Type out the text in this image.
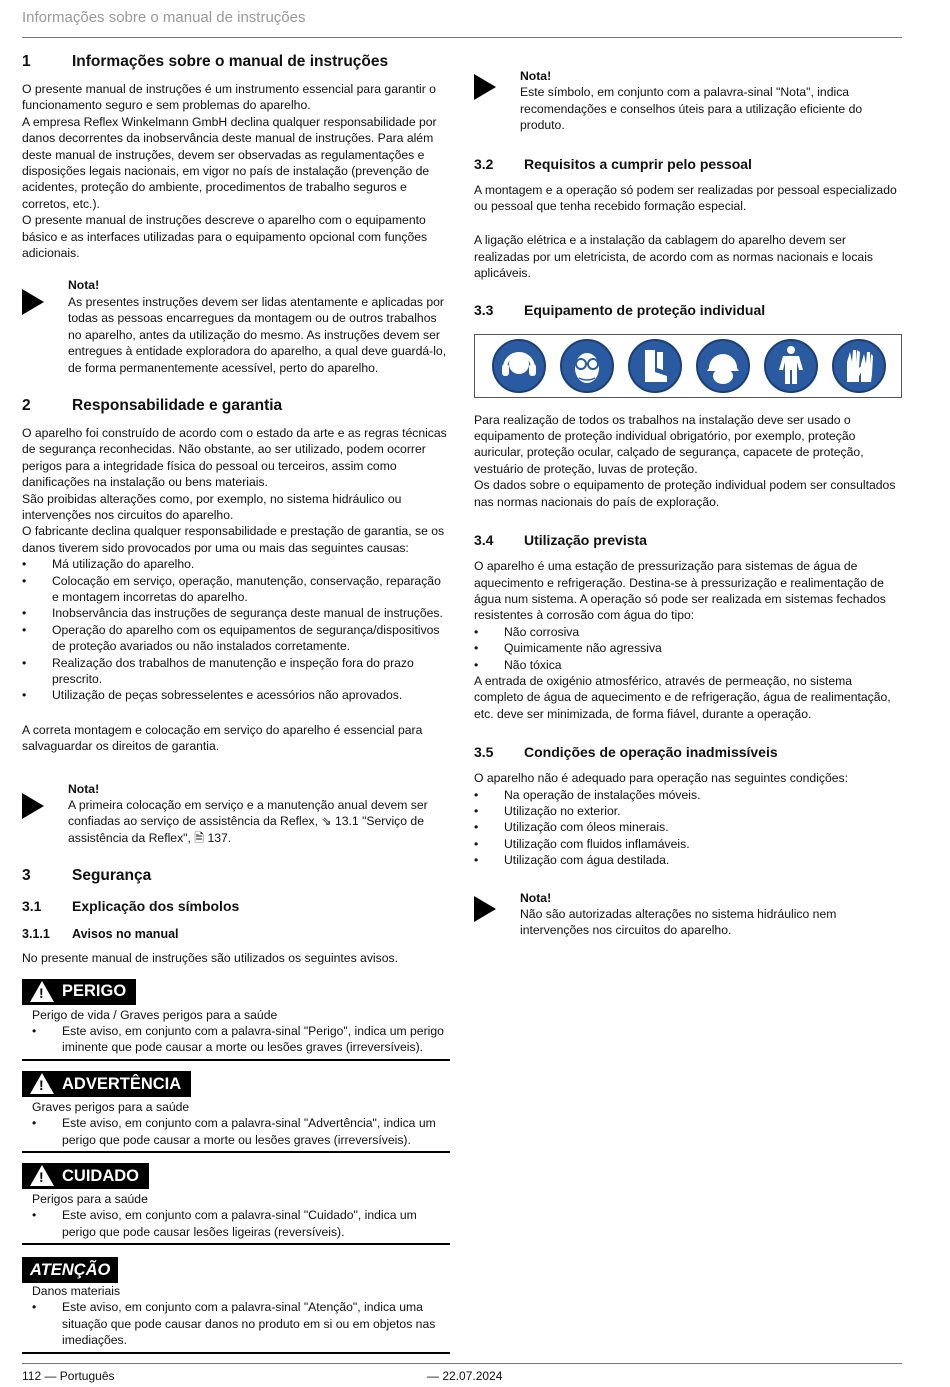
Informações sobre o manual de instruções
1	Informações sobre o manual de instruções

O presente manual de instruções é um instrumento essencial para garantir o funcionamento seguro e sem problemas do aparelho.

A empresa Reflex Winkelmann GmbH declina qualquer responsabilidade por danos decorrentes da inobservância deste manual de instruções. Para além deste manual de instruções, devem ser observadas as regulamentações e disposições legais nacionais, em vigor no país de instalação (prevenção de acidentes, proteção do ambiente, procedimentos de trabalho seguros e corretos, etc.).

O presente manual de instruções descreve o aparelho com o equipamento básico e as interfaces utilizadas para o equipamento opcional com funções adicionais.

Nota!
As presentes instruções devem ser lidas atentamente e aplicadas por todas as pessoas encarregues da montagem ou de outros trabalhos no aparelho, antes da utilização do mesmo. As instruções devem ser entregues à entidade exploradora do aparelho, a qual deve guardá-lo, de forma permanentemente acessível, perto do aparelho.
2	Responsabilidade e garantia

O aparelho foi construído de acordo com o estado da arte e as regras técnicas de segurança reconhecidas. Não obstante, ao ser utilizado, podem ocorrer perigos para a integridade física do pessoal ou terceiros, assim como danificações na instalação ou bens materiais.

São proibidas alterações como, por exemplo, no sistema hidráulico ou intervenções nos circuitos do aparelho.

O fabricante declina qualquer responsabilidade e prestação de garantia, se os danos tiverem sido provocados por uma ou mais das seguintes causas:

• Má utilização do aparelho.
• Colocação em serviço, operação, manutenção, conservação, reparação e montagem incorretas do aparelho.
• Inobservância das instruções de segurança deste manual de instruções.
• Operação do aparelho com os equipamentos de segurança/dispositivos de proteção avariados ou não instalados corretamente.
• Realização dos trabalhos de manutenção e inspeção fora do prazo prescrito.
• Utilização de peças sobresselentes e acessórios não aprovados.

A correta montagem e colocação em serviço do aparelho é essencial para salvaguardar os direitos de garantia.

Nota!
A primeira colocação em serviço e a manutenção anual devem ser confiadas ao serviço de assistência da Reflex, ⇘ 13.1 "Serviço de assistência da Reflex", 🗎 137.
3	Segurança
3.1	Explicação dos símbolos
3.1.1	Avisos no manual

No presente manual de instruções são utilizados os seguintes avisos.

!
PERIGO
Perigo de vida / Graves perigos para a saúde
• Este aviso, em conjunto com a palavra-sinal "Perigo", indica um perigo iminente que pode causar a morte ou lesões graves (irreversíveis).
!
ADVERTÊNCIA
Graves perigos para a saúde
• Este aviso, em conjunto com a palavra-sinal "Advertência", indica um perigo que pode causar a morte ou lesões graves (irreversíveis).
!
CUIDADO
Perigos para a saúde
• Este aviso, em conjunto com a palavra-sinal "Cuidado", indica um perigo que pode causar lesões ligeiras (reversíveis).
ATENÇÃO
Danos materiais
• Este aviso, em conjunto com a palavra-sinal "Atenção", indica uma situação que pode causar danos no produto em si ou em objetos nas imediações.
Nota!
Este símbolo, em conjunto com a palavra-sinal "Nota", indica recomendações e conselhos úteis para a utilização eficiente do produto.
3.2	Requisitos a cumprir pelo pessoal

A montagem e a operação só podem ser realizadas por pessoal especializado ou pessoal que tenha recebido formação especial.

A ligação elétrica e a instalação da cablagem do aparelho devem ser realizadas por um eletricista, de acordo com as normas nacionais e locais aplicáveis.

3.3	Equipamento de proteção individual

Para realização de todos os trabalhos na instalação deve ser usado o equipamento de proteção individual obrigatório, por exemplo, proteção auricular, proteção ocular, calçado de segurança, capacete de proteção, vestuário de proteção, luvas de proteção.

Os dados sobre o equipamento de proteção individual podem ser consultados nas normas nacionais do país de exploração.

3.4	Utilização prevista

O aparelho é uma estação de pressurização para sistemas de água de aquecimento e refrigeração. Destina-se à pressurização e realimentação de água num sistema. A operação só pode ser realizada em sistemas fechados resistentes à corrosão com água do tipo:

• Não corrosiva
• Quimicamente não agressiva
• Não tóxica

A entrada de oxigénio atmosférico, através de permeação, no sistema completo de água de aquecimento e de refrigeração, água de realimentação, etc. deve ser minimizada, de forma fiável, durante a operação.

3.5	Condições de operação inadmissíveis

O aparelho não é adequado para operação nas seguintes condições:

• Na operação de instalações móveis.
• Utilização no exterior.
• Utilização com óleos minerais.
• Utilização com fluidos inflamáveis.
• Utilização com água destilada.
Nota!
Não são autorizadas alterações no sistema hidráulico nem intervenções nos circuitos do aparelho.
112 — Português	— 22.07.2024
